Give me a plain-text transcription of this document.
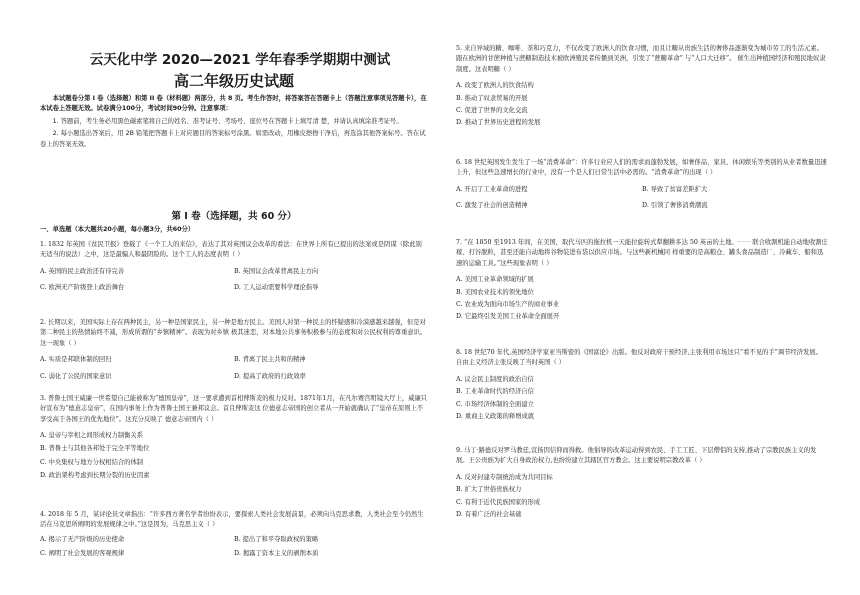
云天化中学 2020—2021 学年春季学期期中测试
高二年级历史试题
本试题卷分第 I 卷（选择题）和第 II 卷（材料题）两部分，共 8 页。考生作答时，将答案答在答题卡上（答题注意事项见答题卡），在本试卷上答题无效。试卷满分100分，考试时间90分钟。注意事项：
1. 答题前，考生务必用黑色碳素笔将自己的姓名、准考证号、考场号、座位号在答题卡上填写清 楚，并请认真填涂准考证号。
2. 每小题选出答案后，用 2B 铅笔把答题卡上对应题目的答案标号涂黑。如需改动，用橡皮擦擦干净后，再选涂其他答案标号。答在试卷上的答案无效。
第 I 卷（选择题，共 60 分）
一、单选题（本大题共20小题，每小题3分，共60分）
1. 1832 年英国《贫民卫报》登载了《一个工人的来信》，表达了其对英国议会改革的看法：在世界上所有已提出的法案或是阴谋（除此别无适当的说法）之中，这是最骗人和最阴险的。这个工人的态度表明（ ）
A. 英国的民主政治还有待完善	B. 英国议会改革背离民主方向
C. 欧洲无产阶级登上政治舞台	D. 工人运动需要科学理论指导
2. 长期以来，美国实际上存在两种民主，另一种是国家民主，另一种是地方民主。美国人对第一种民主的怀疑感和冷漠感越来越强，但是对第二种民主的热情始终不减，形成所谓的“乡镇精神”。表现为对乡镇 极其迷恋，对本地公共事务积极参与的态度和对公民权利的尊重意识。这一现象（ ）
A. 实质是邦联体制的回归	B. 背离了民主共和的精神
C. 弱化了公民的国家意识	D. 提高了政府的行政效率
3. 普鲁士国王威廉一世希望自己能被称为“德国皇帝”，这一要求遭到首相俾斯麦的极力反对。1871年1月，在凡尔赛宫明镜大厅上，威廉只好宣布为“德意志皇帝”，在国内事务上作为普鲁士国王兼邦议会。首且俾斯麦这 位德意志帝国的创立者从一开始就确认了“皇帝在原则上不享受高于各国王的优先地位”。这充分反映了 德意志帝国内（ ）
A. 皇帝与宰相之间形成权力制衡关系
B. 普鲁士与其他各邦处于完全平等地位
C. 中央集权与地方分权相结合的体制
D. 政治架构考虑到长期分裂的历史因素
4. 2018 年 5 月，某评论员文章指出：“许多西方著名学者纷纷表示，要探索人类社会发展前景，必须向马克思求教，人类社会至今仍然生活在马克思所阐明的发展规律之中。”这是因为，马克思主义（ ）
A. 揭示了无产阶级的历史使命	B. 提出了和平夺取政权的策略
C. 阐明了社会发展的客观规律	D. 揭露了资本主义的剥削本质
5. 来自异域的糖、咖啡、茶和巧克力，不仅改变了欧洲人的饮食习惯，而且让糖从贵族生活的奢侈品逐渐变为城市劳工的生活元素。跟在欧洲的甘蔗种植与蔗糖制造技术被欧洲殖民者传播到美洲，引发了“蔗糖革命” 与“人口大迁移”。 催生出种植园经济和殖民地奴隶制度。这表明糖（ ）
A. 改变了欧洲人的饮食结构
B. 推动了奴隶贸易的开展
C. 促进了世界的文化交流
D. 推动了世界历史进程的发展
6. 18 世纪英国发生发生了一场“消费革命”：许多行业应人们的需求而蓬勃发展，如奢侈品、家具、休闲娱乐等类别的从业者数量迅速上升，但这些急速增长的行业中，没有一个是人们日常生活中必需的。“消费革命”的出现（ ）
A. 开启了工业革命的进程	B. 导致了贫富差距扩大
C. 激发了社会的创造精神	D. 引领了奢侈消费潮流
7. “在 1850 至1913 年间，在美国，取代马匹的拖拉机一天能拉旋转式犁翻耕多达 50 英亩的土地。⋯⋯ 联合收割机能自动地收割庄稼、打谷脱粒，甚至还能自动地将谷物装进布袋以供应市场。与这些新机械同 样重要的是高粮仓、罐头食品制造厂、冷藏车、船和迅速的运输工具。”这些现象表明（ ）
A. 美国工业革命领域的扩展
B. 美国农业技术的领先地位
C. 农业成为面向市场生产的商业事业
D. 它最终引发美国工业革命全面展开
8. 18 世纪70 年代,英国经济学家亚当斯密的《国富论》出版。他反对政府干预经济,主张利用市场这只“看不见的手”调节经济发展。自由主义经济主张反映了当时英国（ ）
A. 议会民主制度的政治自信
B. 工业革命时代的经济自信
C. 市场经济体制的全面建立
D. 重商主义政策的释增成就
9. 马丁·路德反对罗马教廷,宣扬因信仰而得救。他倡导的改革运动得到农民、手工工匠、下层僧侣的支持,推动了宗教民族主义的发展。王公贵族为扩大自身政治权力,也纷纷建立其辖区官方教会。这主要说明宗教改革（ ）
A. 反对封建专制统治成为共同目标
B. 扩大了世俗贵族权力
C. 有利于近代民族国家的形成
D. 有着广泛的社会基础
